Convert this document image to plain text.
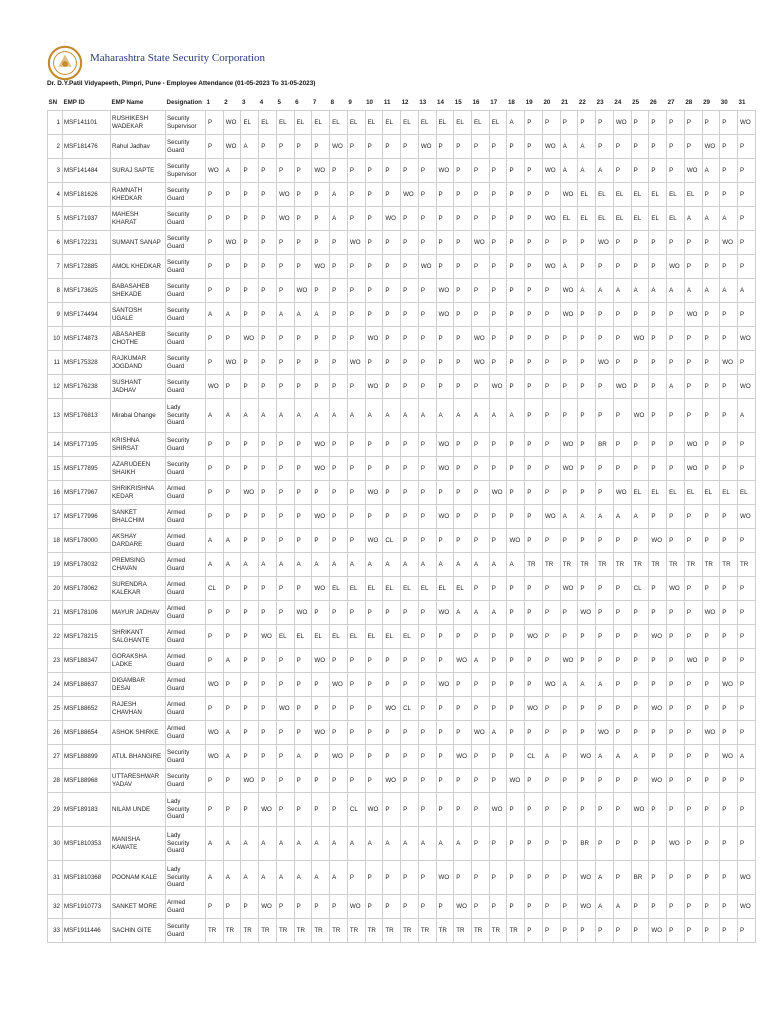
Maharashtra State Security Corporation
Dr. D.Y.Patil Vidyapeeth, Pimpri, Pune - Employee Attendance (01-05-2023 To 31-05-2023)
SN	EMP ID	EMP Name	Designation	1	2	3	4	5	6	7	8	9	10	11	12	13	14	15	16	17	18	19	20	21	22	23	24	25	26	27	28	29	30	31
1	MSF141101	RUSHIKESH WADEKAR	Security Supervisor	P	WO	EL	EL	EL	EL	EL	EL	EL	EL	EL	EL	EL	EL	EL	EL	EL	A	P	P	P	P	P	WO	P	P	P	P	P	P	WO
2	MSF181476	Rahul Jadhav	Security Guard	P	WO	A	P	P	P	P	WO	P	P	P	P	WO	P	P	P	P	P	P	WO	A	A	P	P	P	P	P	P	WO	P	P
3	MSF141484	SURAJ SAPTE	Security Supervisor	WO	A	P	P	P	P	WO	P	P	P	P	P	P	WO	P	P	P	P	P	WO	A	A	A	P	P	P	P	WO	A	P	P
4	MSF181626	RAMNATH KHEDKAR	Security Guard	P	P	P	P	WO	P	P	A	P	P	P	WO	P	P	P	P	P	P	P	P	WO	EL	EL	EL	EL	EL	EL	EL	P	P	P
5	MSF171937	MAHESH KHARAT	Security Guard	P	P	P	P	WO	P	P	A	P	P	WO	P	P	P	P	P	P	P	P	WO	EL	EL	EL	EL	EL	EL	EL	A	A	A	P
6	MSF172231	SUMANT SANAP	Security Guard	P	WO	P	P	P	P	P	P	WO	P	P	P	P	P	P	WO	P	P	P	P	P	P	WO	P	P	P	P	P	P	WO	P
7	MSF172885	AMOL KHEDKAR	Security Guard	P	P	P	P	P	P	WO	P	P	P	P	P	WO	P	P	P	P	P	P	WO	A	P	P	P	P	P	WO	P	P	P	P
8	MSF173625	BABASAHEB SHEKADE	Security Guard	P	P	P	P	P	WO	P	P	P	P	P	P	P	WO	P	P	P	P	P	P	WO	A	A	A	A	A	A	A	A	A	A
9	MSF174494	SANTOSH UGALE	Security Guard	A	A	P	P	A	A	A	P	P	P	P	P	P	WO	P	P	P	P	P	P	WO	P	P	P	P	P	P	WO	P	P	P
10	MSF174873	ABASAHEB CHOTHE	Security Guard	P	P	WO	P	P	P	P	P	P	WO	P	P	P	P	P	WO	P	P	P	P	P	P	P	P	WO	P	P	P	P	P	WO
11	MSF175328	RAJKUMAR JOGDAND	Security Guard	P	WO	P	P	P	P	P	P	WO	P	P	P	P	P	P	WO	P	P	P	P	P	P	WO	P	P	P	P	P	P	WO	P
12	MSF176238	SUSHANT JADHAV	Security Guard	WO	P	P	P	P	P	P	P	P	WO	P	P	P	P	P	P	WO	P	P	P	P	P	P	WO	P	P	A	P	P	P	WO
13	MSF176813	Mirabai Dhange	Lady Security Guard	A	A	A	A	A	A	A	A	A	A	A	A	A	A	A	A	A	A	P	P	P	P	P	P	WO	P	P	P	P	P	A
14	MSF177195	KRISHNA SHIRSAT	Security Guard	P	P	P	P	P	P	WO	P	P	P	P	P	P	WO	P	P	P	P	P	P	WO	P	BR	P	P	P	P	WO	P	P	P
15	MSF177895	AZARUDEEN SHAIKH	Security Guard	P	P	P	P	P	P	WO	P	P	P	P	P	P	WO	P	P	P	P	P	P	WO	P	P	P	P	P	P	WO	P	P	P
16	MSF177967	SHRIKRISHNA KEDAR	Armed Guard	P	P	WO	P	P	P	P	P	P	WO	P	P	P	P	P	P	WO	P	P	P	P	P	P	WO	EL	EL	EL	EL	EL	EL	EL
17	MSF177996	SANKET BHALCHIM	Armed Guard	P	P	P	P	P	P	WO	P	P	P	P	P	P	WO	P	P	P	P	P	WO	A	A	A	A	A	P	P	P	P	P	WO
18	MSF178000	AKSHAY DARDARE	Armed Guard	A	A	P	P	P	P	P	P	P	WO	CL	P	P	P	P	P	P	WO	P	P	P	P	P	P	P	WO	P	P	P	P	P
19	MSF178032	PREMSING CHAVAN	Armed Guard	A	A	A	A	A	A	A	A	A	A	A	A	A	A	A	A	A	A	TR	TR	TR	TR	TR	TR	TR	TR	TR	TR	TR	TR	TR
20	MSF178062	SURENDRA KALEKAR	Armed Guard	CL	P	P	P	P	P	WO	EL	EL	EL	EL	EL	EL	EL	EL	P	P	P	P	P	WO	P	P	P	CL	P	WO	P	P	P	P
21	MSF178106	MAYUR JADHAV	Armed Guard	P	P	P	P	P	WO	P	P	P	P	P	P	P	WO	A	A	A	P	P	P	P	WO	P	P	P	P	P	P	WO	P	P
22	MSF178215	SHRIKANT SALGHANTE	Armed Guard	P	P	P	WO	EL	EL	EL	EL	EL	EL	EL	EL	P	P	P	P	P	P	WO	P	P	P	P	P	P	WO	P	P	P	P	P
23	MSF188347	GORAKSHA LADKE	Armed Guard	P	A	P	P	P	P	WO	P	P	P	P	P	P	P	WO	A	P	P	P	P	WO	P	P	P	P	P	P	WO	P	P	P
24	MSF188637	DIGAMBAR DESAI	Armed Guard	WO	P	P	P	P	P	P	WO	P	P	P	P	P	WO	P	P	P	P	P	WO	A	A	A	P	P	P	P	P	P	WO	P
25	MSF188652	RAJESH CHAVHAN	Armed Guard	P	P	P	P	WO	P	P	P	P	P	WO	CL	P	P	P	P	P	P	WO	P	P	P	P	P	P	WO	P	P	P	P	P
26	MSF188654	ASHOK SHIRKE	Armed Guard	WO	A	P	P	P	P	WO	P	P	P	P	P	P	P	P	WO	A	P	P	P	P	P	WO	P	P	P	P	P	WO	P	P
27	MSF188899	ATUL BHANGIRE	Security Guard	WO	A	P	P	P	A	P	WO	P	P	P	P	P	P	WO	P	P	P	CL	A	P	WO	A	A	A	P	P	P	P	WO	A
28	MSF188968	UTTARESHWAR YADAV	Security Guard	P	P	WO	P	P	P	P	P	P	P	WO	P	P	P	P	P	P	WO	P	P	P	P	P	P	P	WO	P	P	P	P	P
29	MSF189183	NILAM UNDE	Lady Security Guard	P	P	P	WO	P	P	P	P	CL	WO	P	P	P	P	P	P	WO	P	P	P	P	P	P	P	WO	P	P	P	P	P	P
30	MSF1810353	MANISHA KAWATE	Lady Security Guard	A	A	A	A	A	A	A	A	A	A	A	A	A	A	A	P	P	P	P	P	P	BR	P	P	P	P	WO	P	P	P	P
31	MSF1810368	POONAM KALE	Lady Security Guard	A	A	A	A	A	A	A	A	P	P	P	P	P	WO	P	P	P	P	P	P	P	WO	A	P	BR	P	P	P	P	P	WO
32	MSF1910773	SANKET MORE	Armed Guard	P	P	P	WO	P	P	P	P	WO	P	P	P	P	P	WO	P	P	P	P	P	P	WO	A	A	P	P	P	P	P	P	WO
33	MSF1911446	SACHIN GITE	Security Guard	TR	TR	TR	TR	TR	TR	TR	TR	TR	TR	TR	TR	TR	TR	TR	TR	TR	TR	P	P	P	P	P	P	P	WO	P	P	P	P	P
